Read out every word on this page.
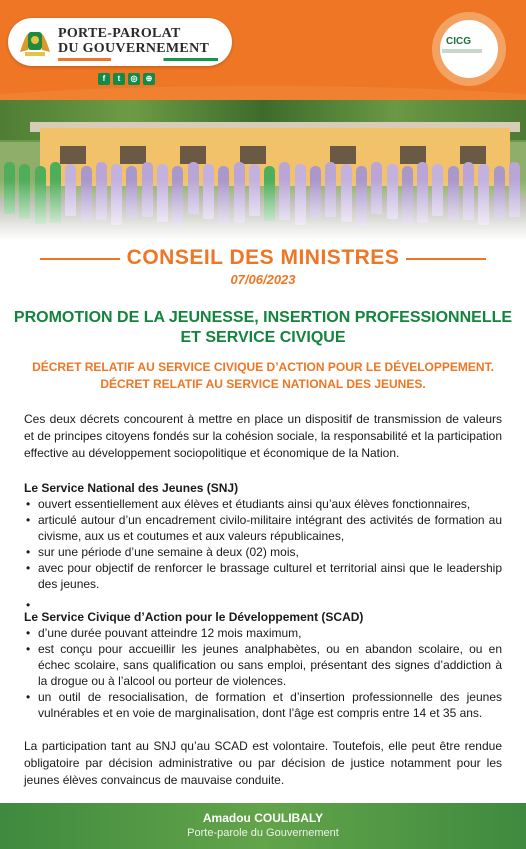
PORTE-PAROLAT
DU GOUVERNEMENT
f	t	◎	⊕
CICG
CONSEIL DES MINISTRES
07/06/2023
PROMOTION DE LA JEUNESSE, INSERTION PROFESSIONNELLE
ET SERVICE CIVIQUE
DÉCRET RELATIF AU SERVICE CIVIQUE D’ACTION POUR LE DÉVELOPPEMENT.
DÉCRET RELATIF AU SERVICE NATIONAL DES JEUNES.

Ces deux décrets concourent à mettre en place un dispositif de transmission de valeurs et de principes citoyens fondés sur la cohésion sociale, la responsabilité et la participation effective au développement sociopolitique et économique de la Nation.

Le Service National des Jeunes (SNJ)
• ouvert essentiellement aux élèves et étudiants ainsi qu’aux élèves fonctionnaires,
• articulé autour d’un encadrement civilo-militaire intégrant des activités de formation au civisme, aux us et coutumes et aux valeurs républicaines,
• sur une période d’une semaine à deux (02) mois,
• avec pour objectif de renforcer le brassage culturel et territorial ainsi que le leadership des jeunes.
•
Le Service Civique d’Action pour le Développement (SCAD)
• d’une durée pouvant atteindre 12 mois maximum,
• est conçu pour accueillir les jeunes analphabètes, ou en abandon scolaire, ou en échec scolaire, sans qualification ou sans emploi, présentant des signes d’addiction à la drogue ou à l’alcool ou porteur de violences.
• un outil de resocialisation, de formation et d’insertion professionnelle des jeunes vulnérables et en voie de marginalisation, dont l’âge est compris entre 14 et 35 ans.

La participation tant au SNJ qu’au SCAD est volontaire. Toutefois, elle peut être rendue obligatoire par décision administrative ou par décision de justice notamment pour les jeunes élèves convaincus de mauvaise conduite.

Amadou COULIBALY
Porte-parole du Gouvernement
